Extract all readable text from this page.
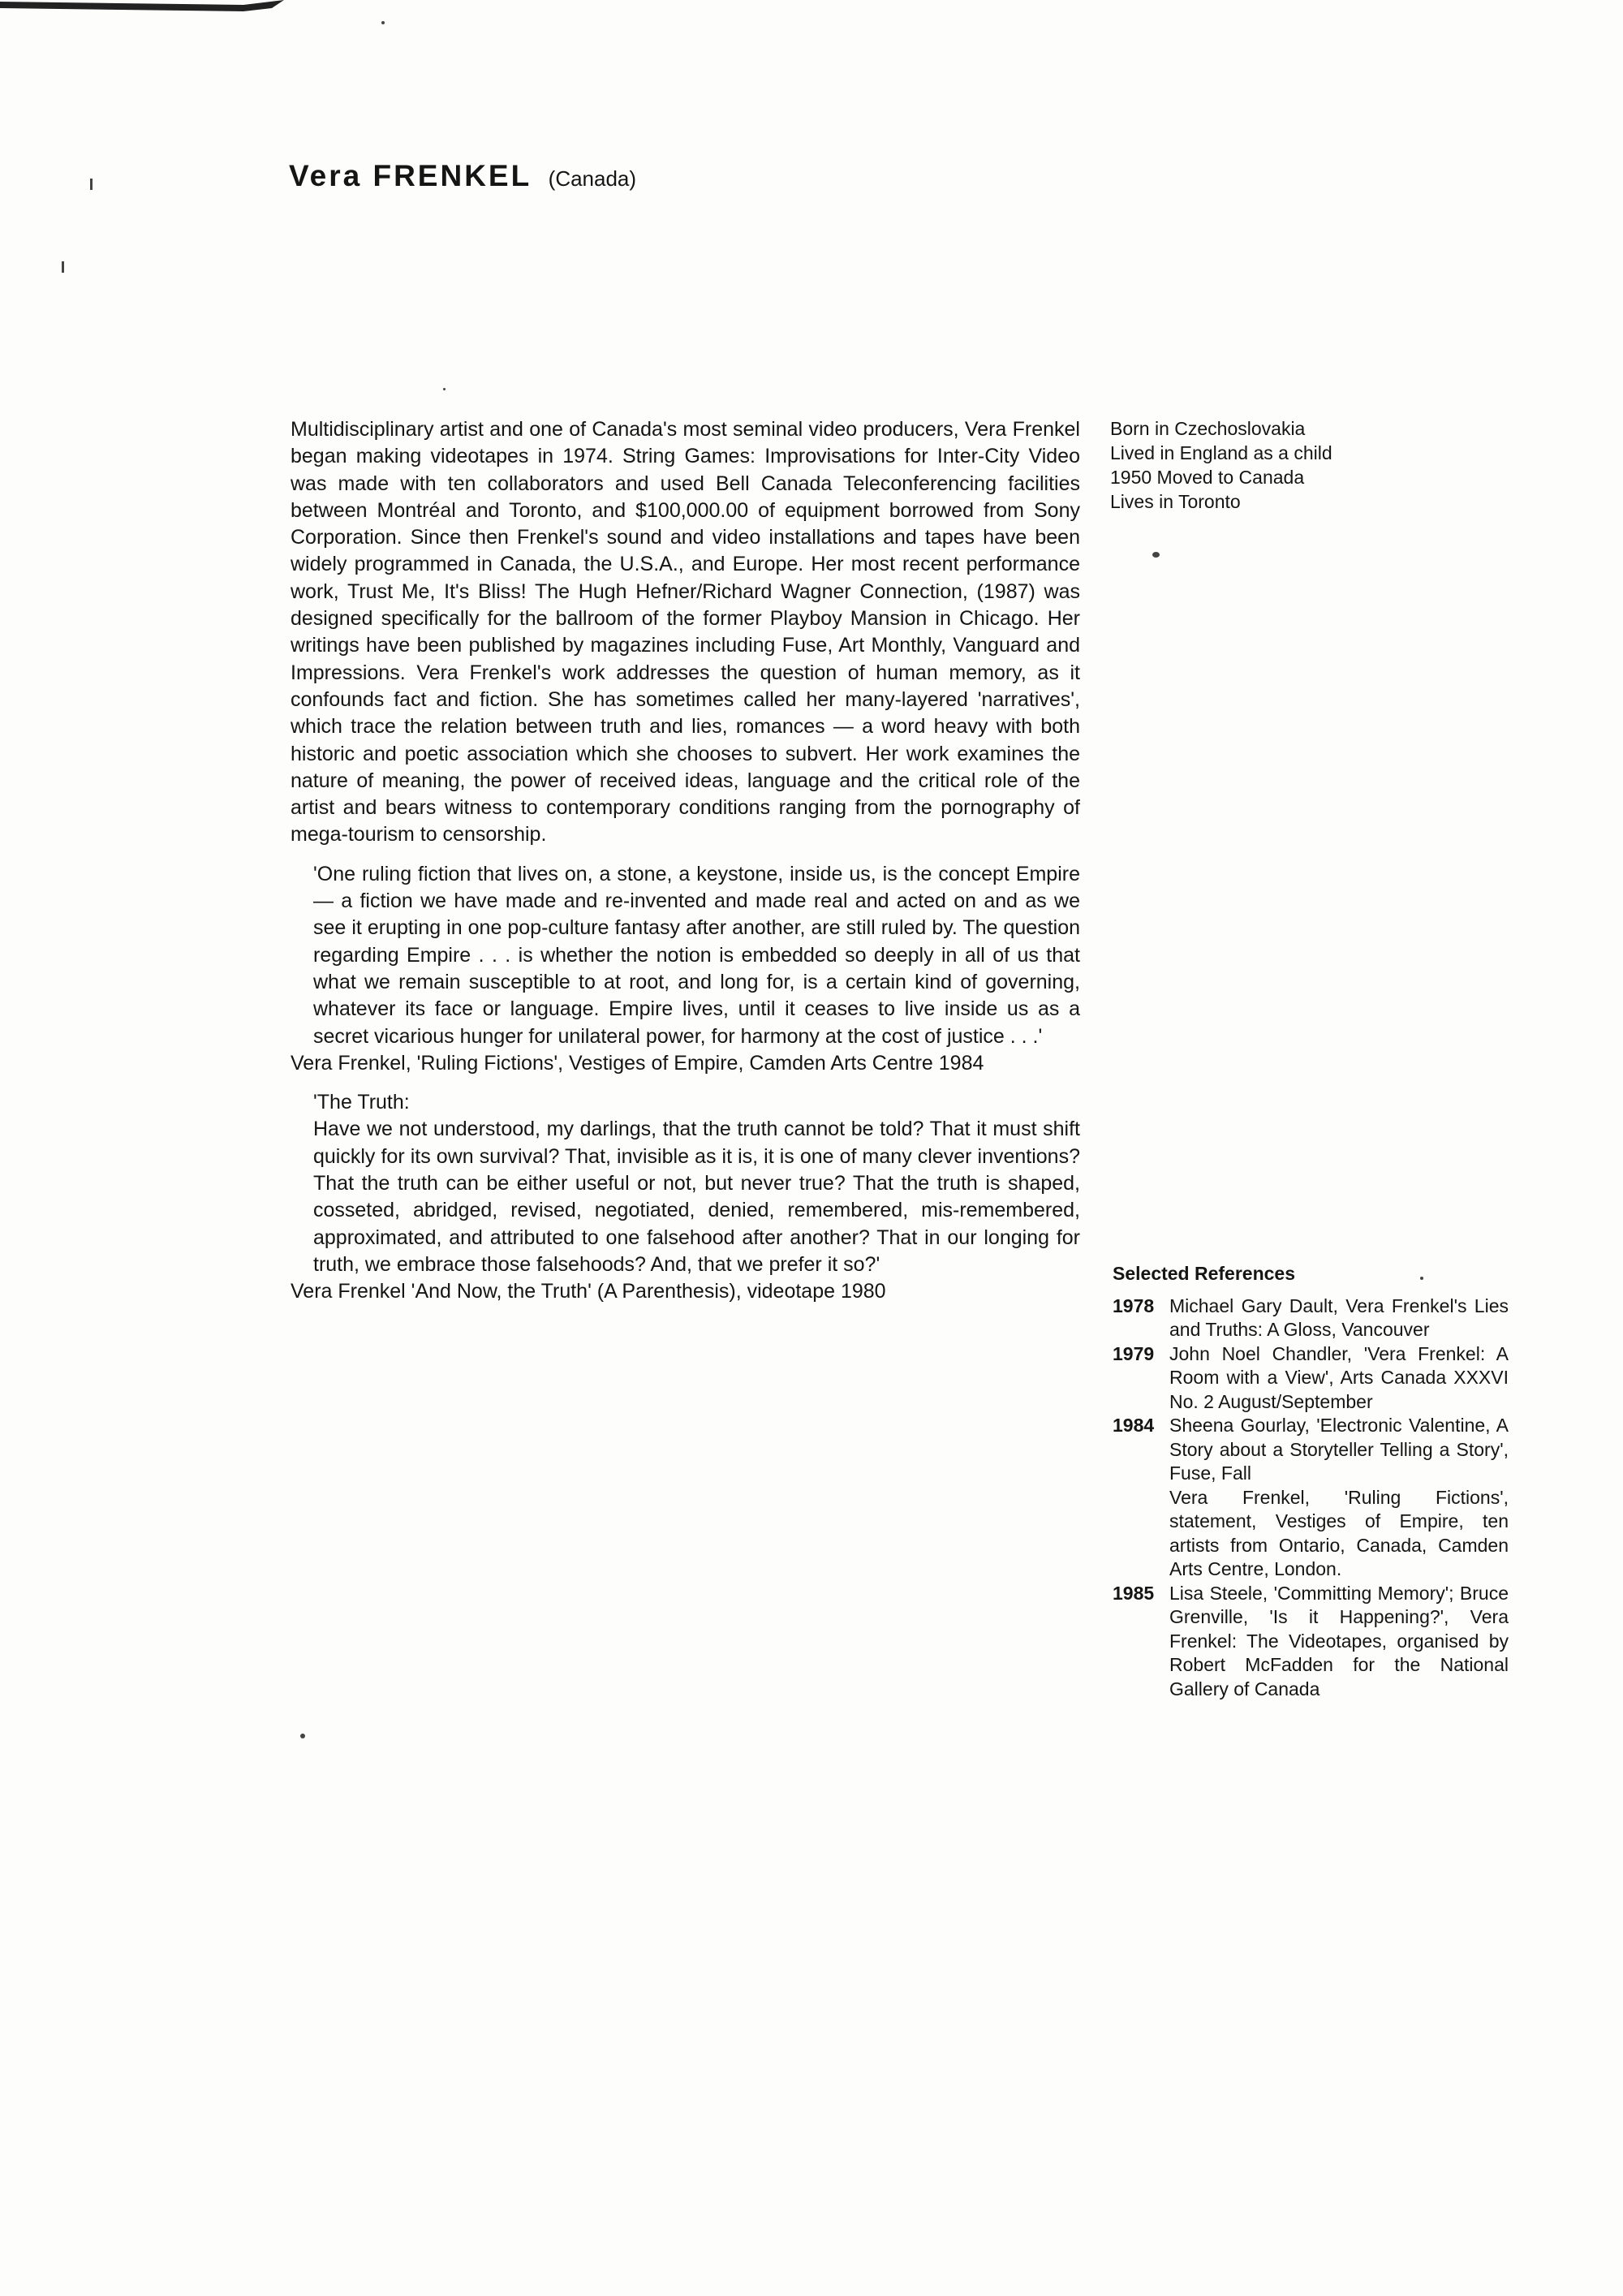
Vera FRENKEL (Canada)

Multidisciplinary artist and one of Canada's most seminal video producers, Vera Frenkel began making videotapes in 1974. String Games: Improvisations for Inter-City Video was made with ten collaborators and used Bell Canada Teleconferencing facilities between Montréal and Toronto, and $100,000.00 of equipment borrowed from Sony Corporation. Since then Frenkel's sound and video installations and tapes have been widely programmed in Canada, the U.S.A., and Europe. Her most recent performance work, Trust Me, It's Bliss! The Hugh Hefner/Richard Wagner Connection, (1987) was designed specifically for the ballroom of the former Playboy Mansion in Chicago. Her writings have been published by magazines including Fuse, Art Monthly, Vanguard and Impressions. Vera Frenkel's work addresses the question of human memory, as it confounds fact and fiction. She has sometimes called her many-layered 'narratives', which trace the relation between truth and lies, romances — a word heavy with both historic and poetic association which she chooses to subvert. Her work examines the nature of meaning, the power of received ideas, language and the critical role of the artist and bears witness to contemporary conditions ranging from the pornography of mega-tourism to censorship.

'One ruling fiction that lives on, a stone, a keystone, inside us, is the concept Empire — a fiction we have made and re-invented and made real and acted on and as we see it erupting in one pop-culture fantasy after another, are still ruled by. The question regarding Empire . . . is whether the notion is embedded so deeply in all of us that what we remain susceptible to at root, and long for, is a certain kind of governing, whatever its face or language. Empire lives, until it ceases to live inside us as a secret vicarious hunger for unilateral power, for harmony at the cost of justice . . .'

Vera Frenkel, 'Ruling Fictions', Vestiges of Empire, Camden Arts Centre 1984

'The Truth:

Have we not understood, my darlings, that the truth cannot be told? That it must shift quickly for its own survival? That, invisible as it is, it is one of many clever inventions? That the truth can be either useful or not, but never true? That the truth is shaped, cosseted, abridged, revised, negotiated, denied, remembered, mis-remembered, approximated, and attributed to one falsehood after another? That in our longing for truth, we embrace those falsehoods? And, that we prefer it so?'

Vera Frenkel 'And Now, the Truth' (A Parenthesis), videotape 1980

Born in Czechoslovakia
Lived in England as a child
1950 Moved to Canada
Lives in Toronto
Selected References
1978 Michael Gary Dault, Vera Frenkel's Lies and Truths: A Gloss, Vancouver
1979 John Noel Chandler, 'Vera Frenkel: A Room with a View', Arts Canada XXXVI No. 2 August/September
1984 Sheena Gourlay, 'Electronic Valentine, A Story about a Storyteller Telling a Story', Fuse, Fall
Vera Frenkel, 'Ruling Fictions', statement, Vestiges of Empire, ten artists from Ontario, Canada, Camden Arts Centre, London.
1985 Lisa Steele, 'Committing Memory'; Bruce Grenville, 'Is it Happening?', Vera Frenkel: The Videotapes, organised by Robert McFadden for the National Gallery of Canada
